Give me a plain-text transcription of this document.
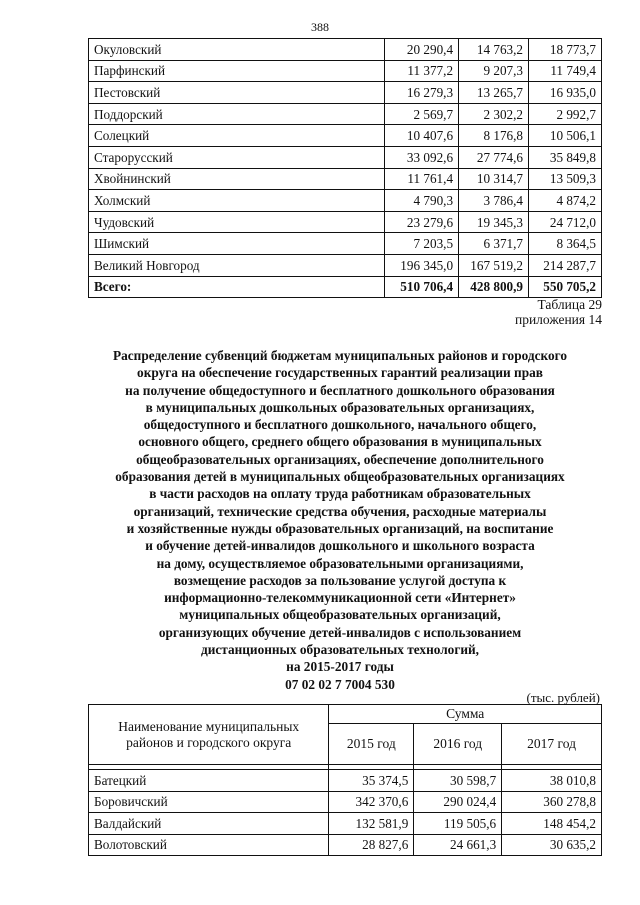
388
Окуловский	20 290,4	14 763,2	18 773,7
Парфинский	11 377,2	9 207,3	11 749,4
Пестовский	16 279,3	13 265,7	16 935,0
Поддорский	2 569,7	2 302,2	2 992,7
Солецкий	10 407,6	8 176,8	10 506,1
Старорусский	33 092,6	27 774,6	35 849,8
Хвойнинский	11 761,4	10 314,7	13 509,3
Холмский	4 790,3	3 786,4	4 874,2
Чудовский	23 279,6	19 345,3	24 712,0
Шимский	7 203,5	6 371,7	8 364,5
Великий Новгород	196 345,0	167 519,2	214 287,7
Всего:	510 706,4	428 800,9	550 705,2
Таблица 29
приложения 14
Распределение субвенций бюджетам муниципальных районов и городского
округа на обеспечение государственных гарантий реализации прав
на получение общедоступного и бесплатного дошкольного образования
в муниципальных дошкольных образовательных организациях,
общедоступного и бесплатного дошкольного, начального общего,
основного общего, среднего общего образования в муниципальных
общеобразовательных организациях, обеспечение дополнительного
образования детей в муниципальных общеобразовательных организациях
в части расходов на оплату труда работникам образовательных
организаций, технические средства обучения, расходные материалы
и хозяйственные нужды образовательных организаций, на воспитание
и обучение детей-инвалидов дошкольного и школьного возраста
на дому, осуществляемое образовательными организациями,
возмещение расходов за пользование услугой доступа к
информационно-телекоммуникационной сети «Интернет»
муниципальных общеобразовательных организаций,
организующих обучение детей-инвалидов с использованием
дистанционных образовательных технологий,
на 2015-2017 годы
07 02 02 7 7004 530
(тыс. рублей)
Наименование муниципальных районов и городского округа	Сумма		
	2015 год	2016 год	2017 год

Батецкий	35 374,5	30 598,7	38 010,8
Боровичский	342 370,6	290 024,4	360 278,8
Валдайский	132 581,9	119 505,6	148 454,2
Волотовский	28 827,6	24 661,3	30 635,2
